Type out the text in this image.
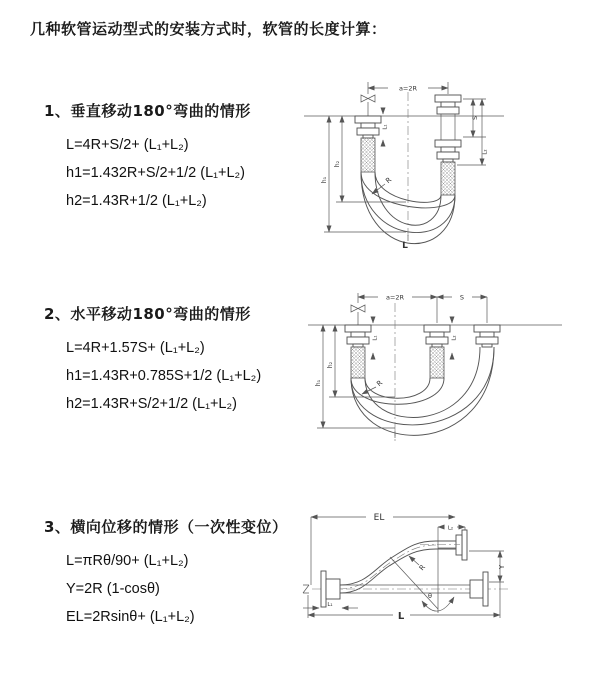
几种软管运动型式的安装方式时，软管的长度计算：
1、垂直移动180°弯曲的情形
L=4R+S/2+ (L₁+L₂)
h1=1.432R+S/2+1/2 (L₁+L₂)
h2=1.43R+1/2 (L₁+L₂)
2、水平移动180°弯曲的情形
L=4R+1.57S+ (L₁+L₂)
h1=1.43R+0.785S+1/2 (L₁+L₂)
h2=1.43R+S/2+1/2 (L₁+L₂)
3、横向位移的情形（一次性变位）
L=πRθ/90+ (L₁+L₂)
Y=2R (1-cosθ)
EL=2Rsinθ+ (L₁+L₂)
a=2R
h₂
h₁
L₁
S
L₂
R
L
a=2R	S
h₂
h₁
L₁	L₂
R
EL
L₂
Y
R
θ
L₁
L
